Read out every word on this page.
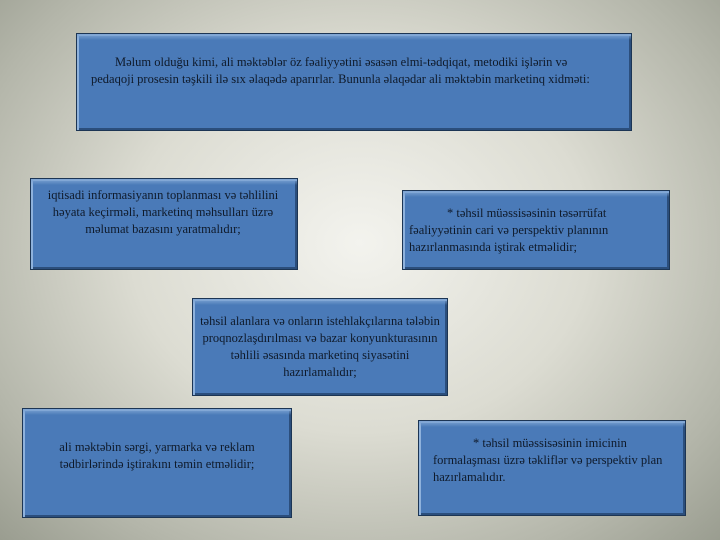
Məlum olduğu kimi, ali məktəblər öz fəaliyyətini əsasən elmi-tədqiqat, metodiki işlərin və pedaqoji prosesin təşkili ilə sıx əlaqədə aparırlar. Bununla əlaqədar ali məktəbin marketinq xidməti:
iqtisadi informasiyanın toplanması və təhlilini həyata keçirməli, marketinq məhsulları üzrə məlumat bazasını yaratmalıdır;
* təhsil müəssisəsinin təsərrüfat fəaliyyətinin cari və perspektiv planının hazırlanmasında iştirak etməlidir;
təhsil alanlara və onların istehlakçılarına tələbin proqnozlaşdırılması və bazar konyunkturasının təhlili əsasında marketinq siyasətini hazırlamalıdır;
ali məktəbin sərgi, yarmarka və reklam tədbirlərində iştirakını təmin etməlidir;
* təhsil müəssisəsinin imicinin formalaşması üzrə təkliflər və perspektiv plan hazırlamalıdır.
